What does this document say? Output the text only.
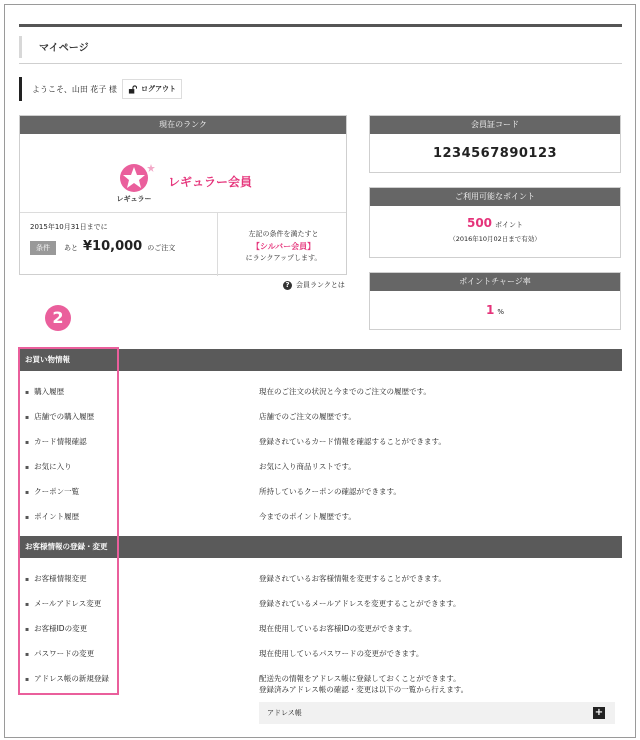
マイページ
ようこそ、山田 花子 様	ログアウト
現在のランク
レギュラー
レギュラー会員
2015年10月31日までに
条件	あと ¥10,000 のご注文
左記の条件を満たすと
【シルバー会員】
にランクアップします。
? 会員ランクとは
会員証コード
1234567890123
ご利用可能なポイント
500 ポイント
（2016年10月02日まで有効）
ポイントチャージ率
1 %
2
お買い物情報
▪ 購入履歴	現在のご注文の状況と今までのご注文の履歴です。
▪ 店舗での購入履歴	店舗でのご注文の履歴です。
▪ カード情報確認	登録されているカード情報を確認することができます。
▪ お気に入り	お気に入り商品リストです。
▪ クーポン一覧	所持しているクーポンの確認ができます。
▪ ポイント履歴	今までのポイント履歴です。
お客様情報の登録・変更
▪ お客様情報変更	登録されているお客様情報を変更することができます。
▪ メールアドレス変更	登録されているメールアドレスを変更することができます。
▪ お客様IDの変更	現在使用しているお客様IDの変更ができます。
▪ パスワードの変更	現在使用しているパスワードの変更ができます。
▪ アドレス帳の新規登録	配送先の情報をアドレス帳に登録しておくことができます。
登録済みアドレス帳の確認・変更は以下の一覧から行えます。
アドレス帳	+
